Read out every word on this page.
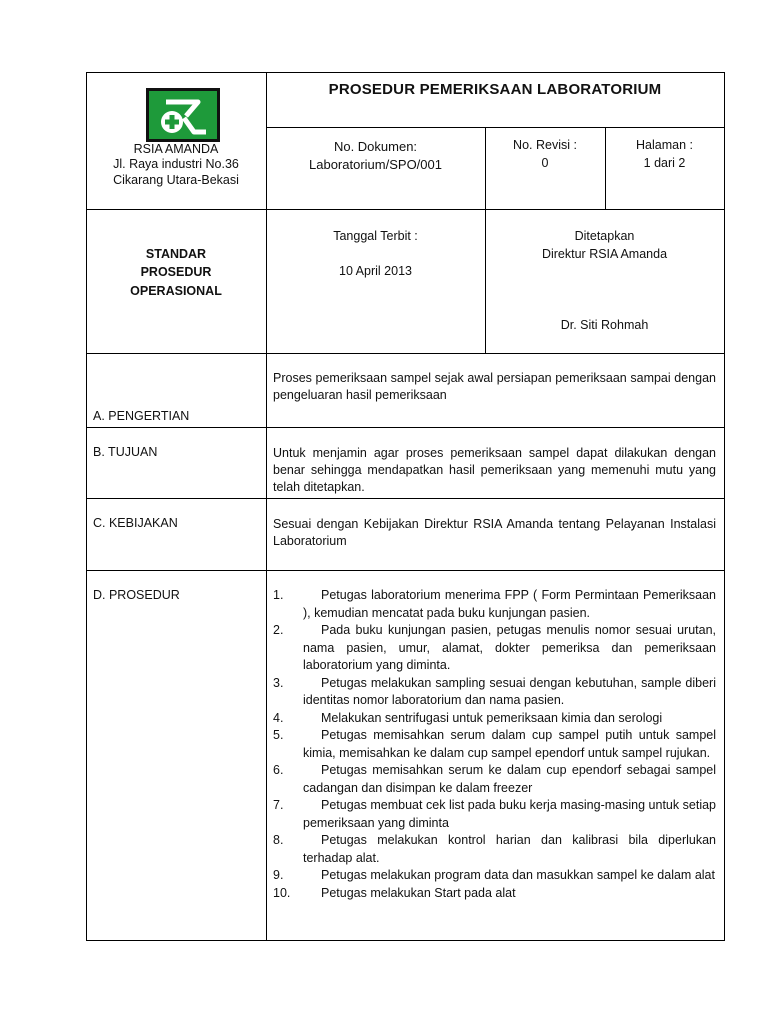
RSIA AMANDA
Jl. Raya industri No.36
Cikarang Utara-Bekasi
PROSEDUR PEMERIKSAAN LABORATORIUM
No. Dokumen:
Laboratorium/SPO/001
No. Revisi :
0
Halaman :
1 dari 2
STANDAR
PROSEDUR
OPERASIONAL
Tanggal Terbit :
10 April 2013
Ditetapkan
Direktur RSIA Amanda
Dr. Siti Rohmah
A. PENGERTIAN
Proses pemeriksaan sampel sejak awal persiapan pemeriksaan sampai dengan pengeluaran hasil pemeriksaan
B. TUJUAN	Untuk menjamin agar proses pemeriksaan sampel dapat dilakukan dengan benar sehingga mendapatkan hasil pemeriksaan yang memenuhi mutu yang telah ditetapkan.
C. KEBIJAKAN	Sesuai dengan Kebijakan Direktur RSIA Amanda tentang Pelayanan Instalasi Laboratorium
D. PROSEDUR	1.	Petugas laboratorium menerima FPP ( Form Permintaan Pemeriksaan ), kemudian mencatat pada buku kunjungan pasien.
2.	Pada buku kunjungan pasien, petugas menulis nomor sesuai urutan, nama pasien, umur, alamat, dokter pemeriksa dan pemeriksaan laboratorium yang diminta.
3.	Petugas melakukan sampling sesuai dengan kebutuhan, sample diberi identitas nomor laboratorium dan nama pasien.
4.	Melakukan sentrifugasi untuk pemeriksaan kimia dan serologi
5.	Petugas memisahkan serum dalam cup sampel putih untuk sampel kimia, memisahkan ke dalam cup sampel ependorf untuk sampel rujukan.
6.	Petugas memisahkan serum ke dalam cup ependorf sebagai sampel cadangan dan disimpan ke dalam freezer
7.	Petugas membuat cek list pada buku kerja masing-masing untuk setiap pemeriksaan yang diminta
8.	Petugas melakukan kontrol harian dan kalibrasi bila diperlukan terhadap alat.
9.	Petugas melakukan program data dan masukkan sampel ke dalam alat
10.	Petugas melakukan Start pada alat
